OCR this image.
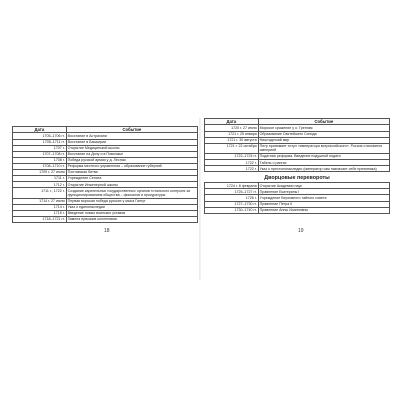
Дата	Событие
1705–1706 гг.	Восстание в Астрахани
1705–1711 гг.	Восстание в Башкирии
1707 г.	Открытие Медицинской школы
1707–1708 гг.	Восстание на Дону и в Поволжье
1708 г.	Победа русской армии у д. Лесная
1708–1710 гг.	Реформа местного управления – образование губерний
1709 г. 27 июня	Полтавская битва
1711 г.	Учреждение Сената
1712 г.	Открытие Инженерной школы
1711 г., 1722 г.	Создание карательных государственных органов тотального контроля за функционированием общества – фискалов и прокуратуры
1714 г. 27 июля	Первая морская победа русских у мыса Гангут
1714 г.	Указ о единонаследии
1716 г.	Введение новых воинских уставов
1718–1721 гг.	Замена приказов коллегиями
Дата	Событие
1720 г. 27 июля	Морское сражение у о. Гренгам
1721 г. 25 января	Образование Святейшего Синода
1721 г. 30 августа	Ништадтский мир
1721 г. 22 октября	Петр принимает титул «императора всероссийского». Россия становится империей
1722–1724 гг.	Податная реформа. Введение подушной подати
1722 г.	Табель о рангах
1722 г.	Указ о престолонаследии (император сам назначает себе преемника)
Дворцовые перевороты
1724 г. 8 февраля	Открытие Академии наук
1725–1727 гг.	Правление Екатерины I
1726 г.	Учреждение Верховного тайного совета
1727–1730 гг.	Правление Петра II
1730–1740 гг.	Правление Анны Иоанновны
18	19
